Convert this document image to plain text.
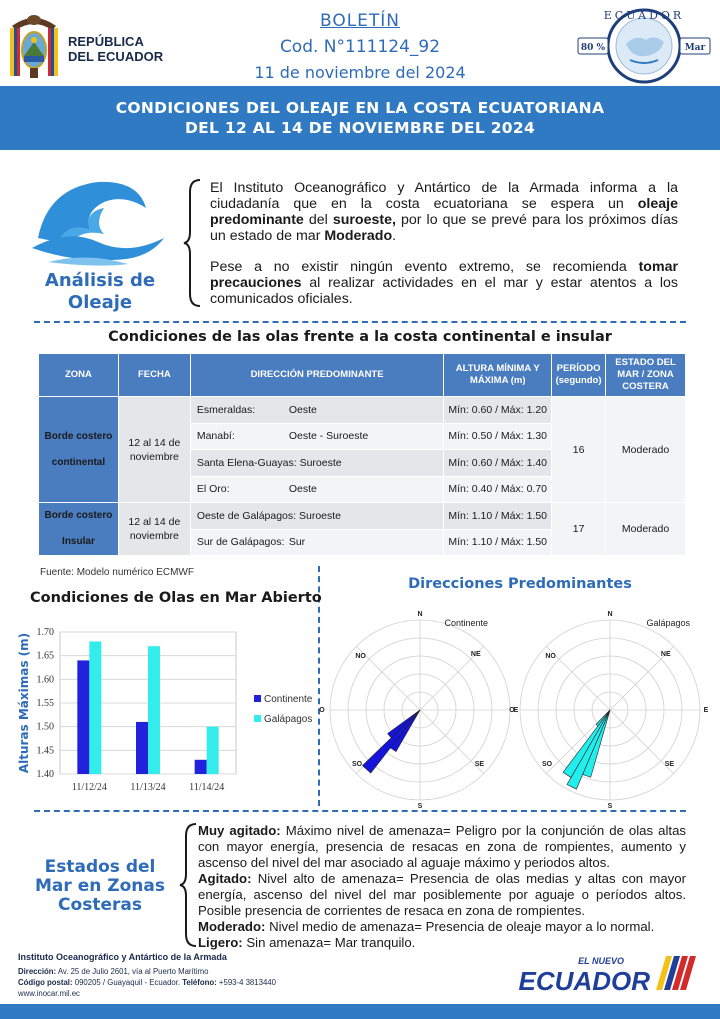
REPÚBLICA
DEL ECUADOR
BOLETÍN
Cod. N°111124_92
11 de noviembre del 2024
ECUADOR
80 %	Mar
CONDICIONES DEL OLEAJE EN LA COSTA ECUATORIANA
DEL 12 AL 14 DE NOVIEMBRE DEL 2024
Análisis de
Oleaje

El Instituto Oceanográfico y Antártico de la Armada informa a la ciudadanía que en la costa ecuatoriana se espera un oleaje predominante del suroeste, por lo que se prevé para los próximos días un estado de mar Moderado.

Pese a no existir ningún evento extremo, se recomienda tomar precauciones al realizar actividades en el mar y estar atentos a los comunicados oficiales.

Condiciones de las olas frente a la costa continental e insular
ZONA	FECHA	DIRECCIÓN PREDOMINANTE	ALTURA MÍNIMA Y MÁXIMA (m)	PERÍODO (segundo)	ESTADO DEL MAR / ZONA COSTERA
Borde costero continental	12 al 14 de noviembre	Esmeraldas: Oeste	Mín: 0.60 / Máx: 1.20	16	Moderado
		Manabí: Oeste - Suroeste	Mín: 0.50 / Máx: 1.30		
		Santa Elena-Guayas: Suroeste	Mín: 0.60 / Máx: 1.40		
		El Oro: Oeste	Mín: 0.40 / Máx: 0.70		
Borde costero Insular	12 al 14 de noviembre	Oeste de Galápagos: Suroeste	Mín: 1.10 / Máx: 1.50	17	Moderado
		Sur de Galápagos: Sur	Mín: 1.10 / Máx: 1.50		
Fuente: Modelo numérico ECMWF
Condiciones de Olas en Mar Abierto
1.40
1.45
1.50
1.55
1.60
1.65
1.70
11/12/24 11/13/24 11/14/24
Alturas Máximas (m)	Continente
Galápagos
Direcciones Predominantes
N
NE
E
SE
S
SO
O
NO
Continente
N
NE
E
SE
S
SO
O
NO
Galápagos
Estados del
Mar en Zonas
Costeras
Muy agitado: Máximo nivel de amenaza= Peligro por la conjunción de olas altas con mayor energía, presencia de resacas en zona de rompientes, aumento y ascenso del nivel del mar asociado al aguaje máximo y periodos altos.
Agitado: Nivel alto de amenaza= Presencia de olas medias y altas con mayor energía, ascenso del nivel del mar posiblemente por aguaje o períodos altos. Posible presencia de corrientes de resaca en zona de rompientes.
Moderado: Nivel medio de amenaza= Presencia de oleaje mayor a lo normal.
Ligero: Sin amenaza= Mar tranquilo.
Instituto Oceanográfico y Antártico de la Armada
Dirección: Av. 25 de Julio 2601, vía al Puerto Marítimo
Código postal: 090205 / Guayaquil - Ecuador. Teléfono: +593-4 3813440
www.inocar.mil.ec
EL NUEVO
ECUADOR
